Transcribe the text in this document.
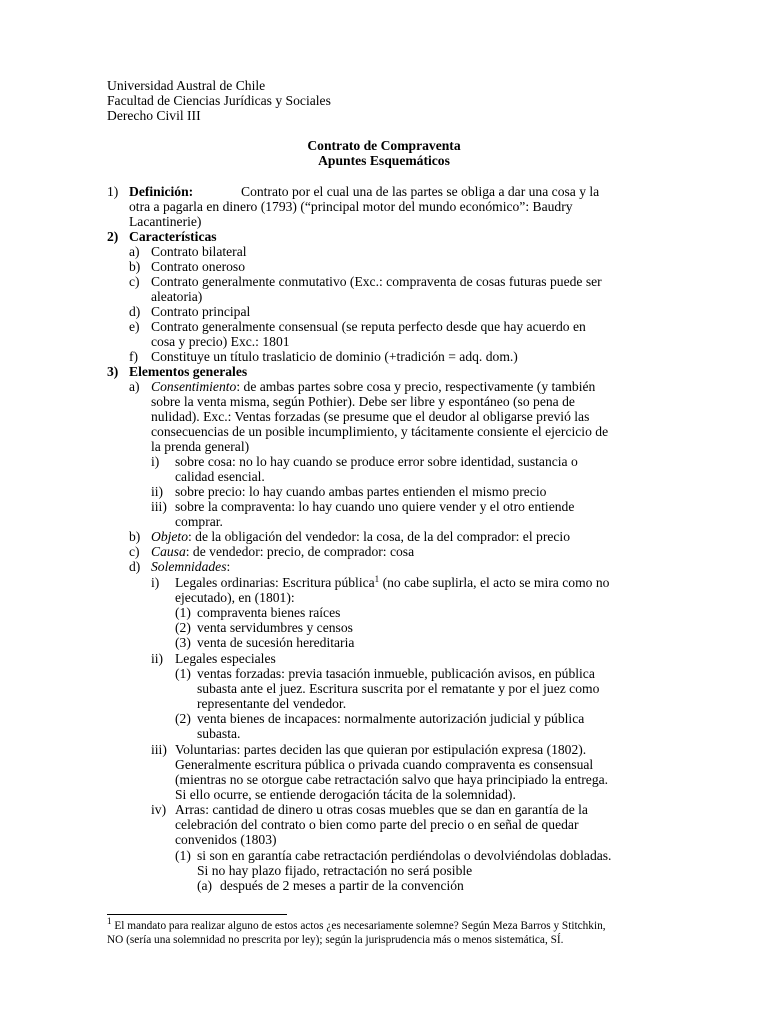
Universidad Austral de Chile
Facultad de Ciencias Jurídicas y Sociales
Derecho Civil III
Contrato de Compraventa
Apuntes Esquemáticos
1) Definición:	Contrato por el cual una de las partes se obliga a dar una cosa y la
otra a pagarla en dinero (1793) (“principal motor del mundo económico”: Baudry
Lacantinerie)
2) Características
a) Contrato bilateral
b) Contrato oneroso
c) Contrato generalmente conmutativo (Exc.: compraventa de cosas futuras puede ser
aleatoria)
d) Contrato principal
e) Contrato generalmente consensual (se reputa perfecto desde que hay acuerdo en
cosa y precio) Exc.: 1801
f) Constituye un título traslaticio de dominio (+tradición = adq. dom.)
3) Elementos generales
a) Consentimiento: de ambas partes sobre cosa y precio, respectivamente (y también
sobre la venta misma, según Pothier). Debe ser libre y espontáneo (so pena de
nulidad). Exc.: Ventas forzadas (se presume que el deudor al obligarse previó las
consecuencias de un posible incumplimiento, y tácitamente consiente el ejercicio de
la prenda general)
i) sobre cosa: no lo hay cuando se produce error sobre identidad, sustancia o
calidad esencial.
ii) sobre precio: lo hay cuando ambas partes entienden el mismo precio
iii) sobre la compraventa: lo hay cuando uno quiere vender y el otro entiende
comprar.
b) Objeto: de la obligación del vendedor: la cosa, de la del comprador: el precio
c) Causa: de vendedor: precio, de comprador: cosa
d) Solemnidades:
i) Legales ordinarias: Escritura pública$^1$ (no cabe suplirla, el acto se mira como no
ejecutado), en (1801):
(1) compraventa bienes raíces
(2) venta servidumbres y censos
(3) venta de sucesión hereditaria
ii) Legales especiales
(1) ventas forzadas: previa tasación inmueble, publicación avisos, en pública
subasta ante el juez. Escritura suscrita por el rematante y por el juez como
representante del vendedor.
(2) venta bienes de incapaces: normalmente autorización judicial y pública
subasta.
iii) Voluntarias: partes deciden las que quieran por estipulación expresa (1802).
Generalmente escritura pública o privada cuando compraventa es consensual
(mientras no se otorgue cabe retractación salvo que haya principiado la entrega.
Si ello ocurre, se entiende derogación tácita de la solemnidad).
iv) Arras: cantidad de dinero u otras cosas muebles que se dan en garantía de la
celebración del contrato o bien como parte del precio o en señal de quedar
convenidos (1803)
(1) si son en garantía cabe retractación perdiéndolas o devolviéndolas dobladas.
Si no hay plazo fijado, retractación no será posible
(a) después de 2 meses a partir de la convención
$^1$ El mandato para realizar alguno de estos actos ¿es necesariamente solemne? Según Meza Barros y Stitchkin,
NO (sería una solemnidad no prescrita por ley); según la jurisprudencia más o menos sistemática, SÍ.
